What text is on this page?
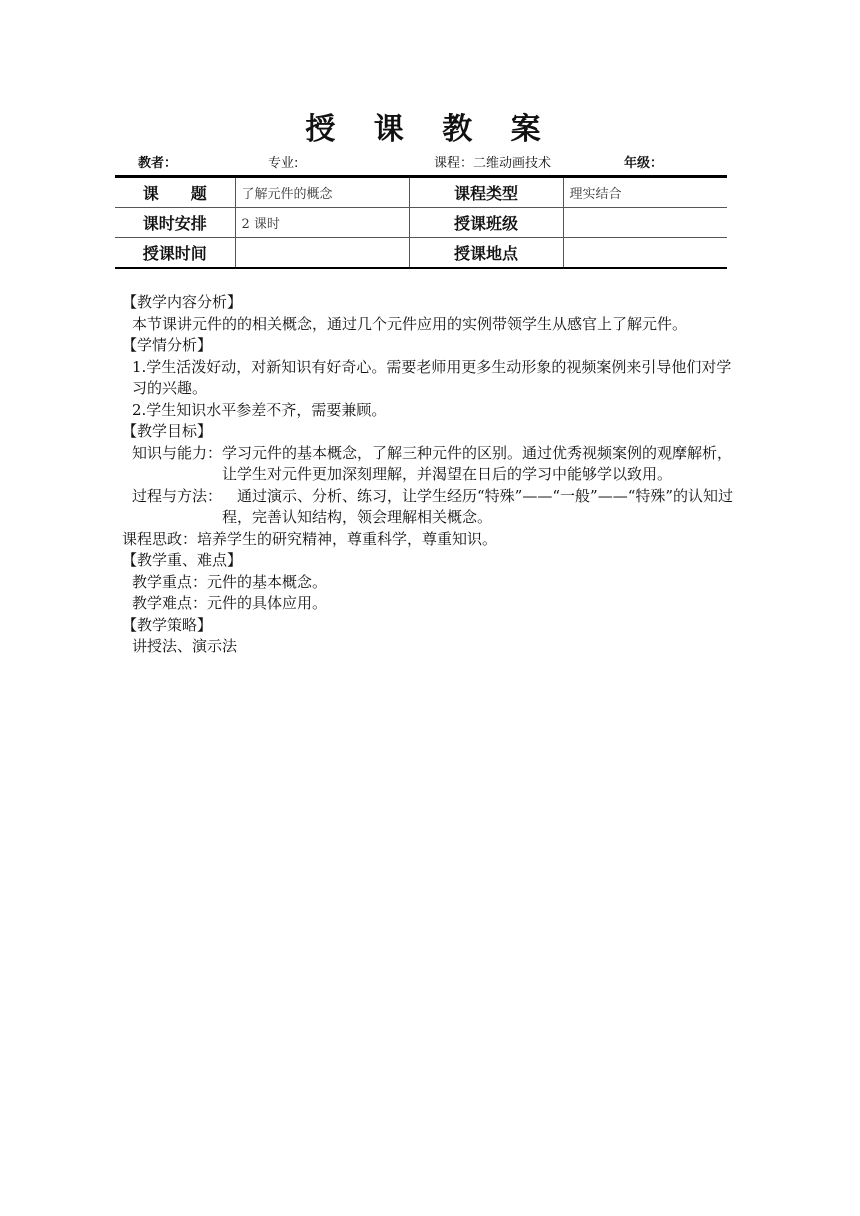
授 课 教 案
教者：	专业:	课程：二维动画技术	年级：
课　　题	了解元件的概念	课程类型	理实结合
课时安排	2 课时	授课班级	
授课时间		授课地点	

【教学内容分析】

本节课讲元件的的相关概念，通过几个元件应用的实例带领学生从感官上了解元件。

【学情分析】

1.学生活泼好动，对新知识有好奇心。需要老师用更多生动形象的视频案例来引导他们对学习的兴趣。

2.学生知识水平参差不齐，需要兼顾。

【教学目标】

知识与能力： 学习元件的基本概念，了解三种元件的区别。通过优秀视频案例的观摩解析，让学生对元件更加深刻理解，并渴望在日后的学习中能够学以致用。
过程与方法： 　通过演示、分析、练习，让学生经历“特殊”——“一般”——“特殊”的认知过程，完善认知结构，领会理解相关概念。

课程思政：培养学生的研究精神，尊重科学，尊重知识。

【教学重、难点】

教学重点：元件的基本概念。

教学难点：元件的具体应用。

【教学策略】

讲授法、演示法
